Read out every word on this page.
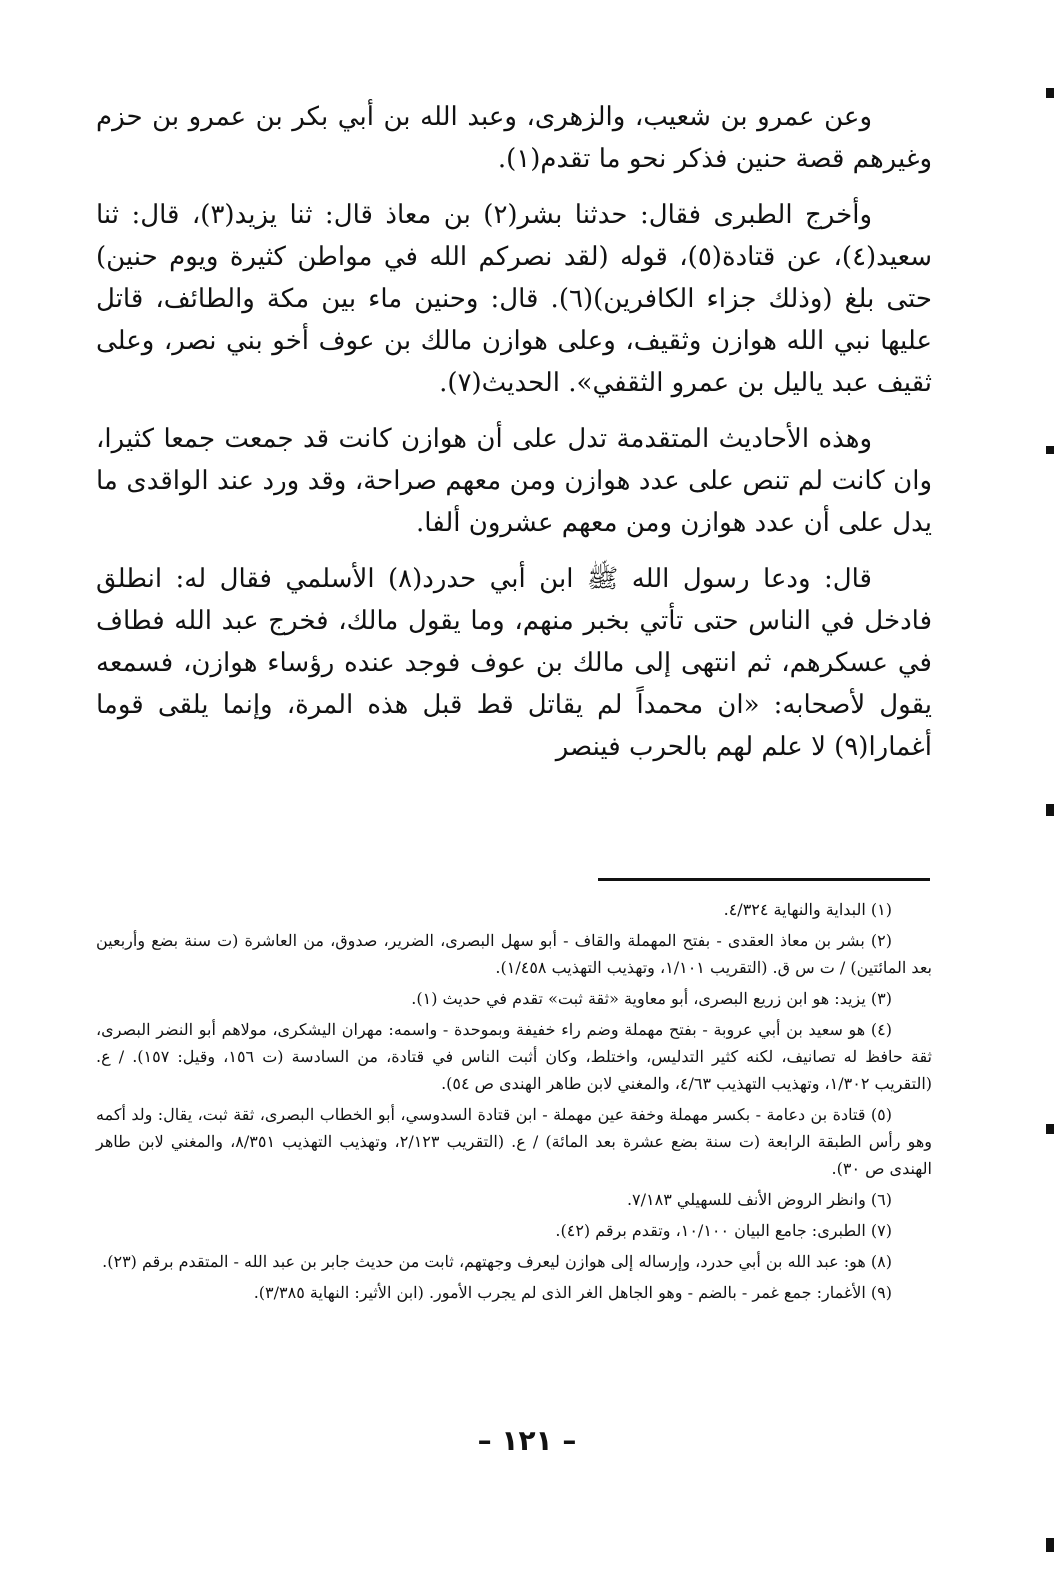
وعن عمرو بن شعيب، والزهرى، وعبد الله بن أبي بكر بن عمرو بن حزم وغيرهم قصة حنين فذكر نحو ما تقدم(١).

وأخرج الطبرى فقال: حدثنا بشر(٢) بن معاذ قال: ثنا يزيد(٣)، قال: ثنا سعيد(٤)، عن قتادة(٥)، قوله (لقد نصركم الله في مواطن كثيرة ويوم حنين) حتى بلغ (وذلك جزاء الكافرين)(٦). قال: وحنين ماء بين مكة والطائف، قاتل عليها نبي الله هوازن وثقيف، وعلى هوازن مالك بن عوف أخو بني نصر، وعلى ثقيف عبد ياليل بن عمرو الثقفي». الحديث(٧).

وهذه الأحاديث المتقدمة تدل على أن هوازن كانت قد جمعت جمعا كثيرا، وان كانت لم تنص على عدد هوازن ومن معهم صراحة، وقد ورد عند الواقدى ما يدل على أن عدد هوازن ومن معهم عشرون ألفا.

قال: ودعا رسول الله ﷺ ابن أبي حدرد(٨) الأسلمي فقال له: انطلق فادخل في الناس حتى تأتي بخبر منهم، وما يقول مالك، فخرج عبد الله فطاف في عسكرهم، ثم انتهى إلى مالك بن عوف فوجد عنده رؤساء هوازن، فسمعه يقول لأصحابه: «ان محمداً لم يقاتل قط قبل هذه المرة، وإنما يلقى قوما أغمارا(٩) لا علم لهم بالحرب فينصر

(١) البداية والنهاية ٤/٣٢٤.

(٢) بشر بن معاذ العقدى - بفتح المهملة والقاف - أبو سهل البصرى، الضرير، صدوق، من العاشرة (ت سنة بضع وأربعين بعد المائتين) / ت س ق. (التقريب ١/١٠١، وتهذيب التهذيب ١/٤٥٨).

(٣) يزيد: هو ابن زريع البصرى، أبو معاوية «ثقة ثبت» تقدم في حديث (١).

(٤) هو سعيد بن أبي عروبة - بفتح مهملة وضم راء خفيفة وبموحدة - واسمه: مهران اليشكرى، مولاهم أبو النضر البصرى، ثقة حافظ له تصانيف، لكنه كثير التدليس، واختلط، وكان أثبت الناس في قتادة، من السادسة (ت ١٥٦، وقيل: ١٥٧). / ع. (التقريب ١/٣٠٢، وتهذيب التهذيب ٤/٦٣، والمغني لابن طاهر الهندى ص ٥٤).

(٥) قتادة بن دعامة - بكسر مهملة وخفة عين مهملة - ابن قتادة السدوسي، أبو الخطاب البصرى، ثقة ثبت، يقال: ولد أكمه وهو رأس الطبقة الرابعة (ت سنة بضع عشرة بعد المائة) / ع. (التقريب ٢/١٢٣، وتهذيب التهذيب ٨/٣٥١، والمغني لابن طاهر الهندى ص ٣٠).

(٦) وانظر الروض الأنف للسهيلي ٧/١٨٣.

(٧) الطبرى: جامع البيان ١٠/١٠٠، وتقدم برقم (٤٢).

(٨) هو: عبد الله بن أبي حدرد، وإرساله إلى هوازن ليعرف وجهتهم، ثابت من حديث جابر بن عبد الله - المتقدم برقم (٢٣).

(٩) الأغمار: جمع غمر - بالضم - وهو الجاهل الغر الذى لم يجرب الأمور. (ابن الأثير: النهاية ٣/٣٨٥).

– ١٢١ –
